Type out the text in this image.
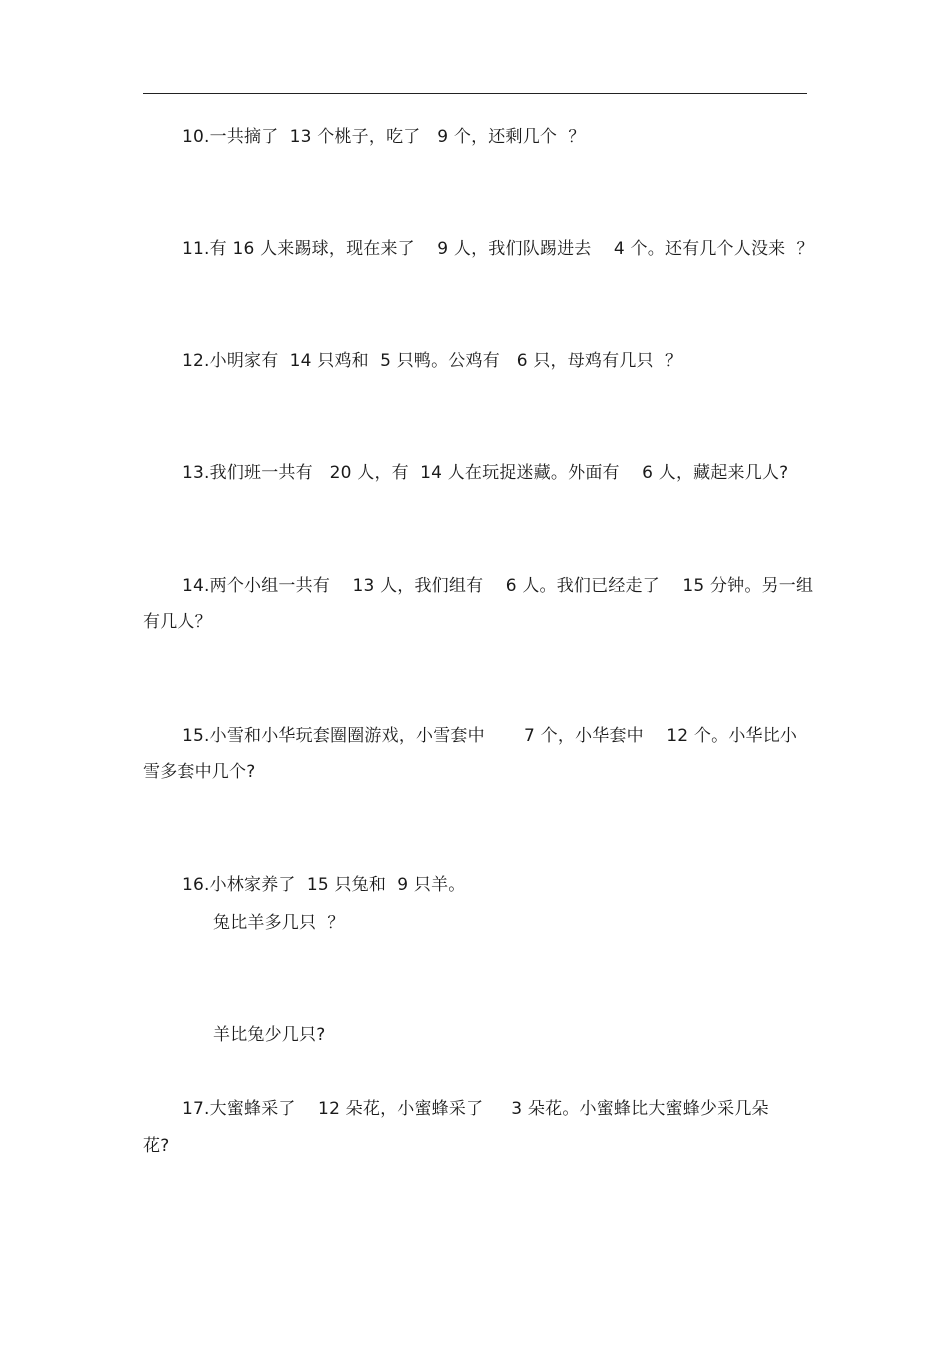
10.一共摘了  13 个桃子，吃了   9 个，还剩几个  ？
11.有 16 人来踢球，现在来了    9 人，我们队踢进去    4 个。还有几个人没来  ？
12.小明家有  14 只鸡和  5 只鸭。公鸡有   6 只，母鸡有几只  ？
13.我们班一共有   20 人，有  14 人在玩捉迷藏。外面有    6 人，藏起来几人?
14.两个小组一共有    13 人，我们组有    6 人。我们已经走了    15 分钟。另一组
有几人？
15.小雪和小华玩套圈圈游戏，小雪套中       7 个，小华套中    12 个。小华比小
雪多套中几个?
16.小林家养了  15 只兔和  9 只羊。
兔比羊多几只  ？
羊比兔少几只?
17.大蜜蜂采了    12 朵花，小蜜蜂采了     3 朵花。小蜜蜂比大蜜蜂少采几朵
花?
